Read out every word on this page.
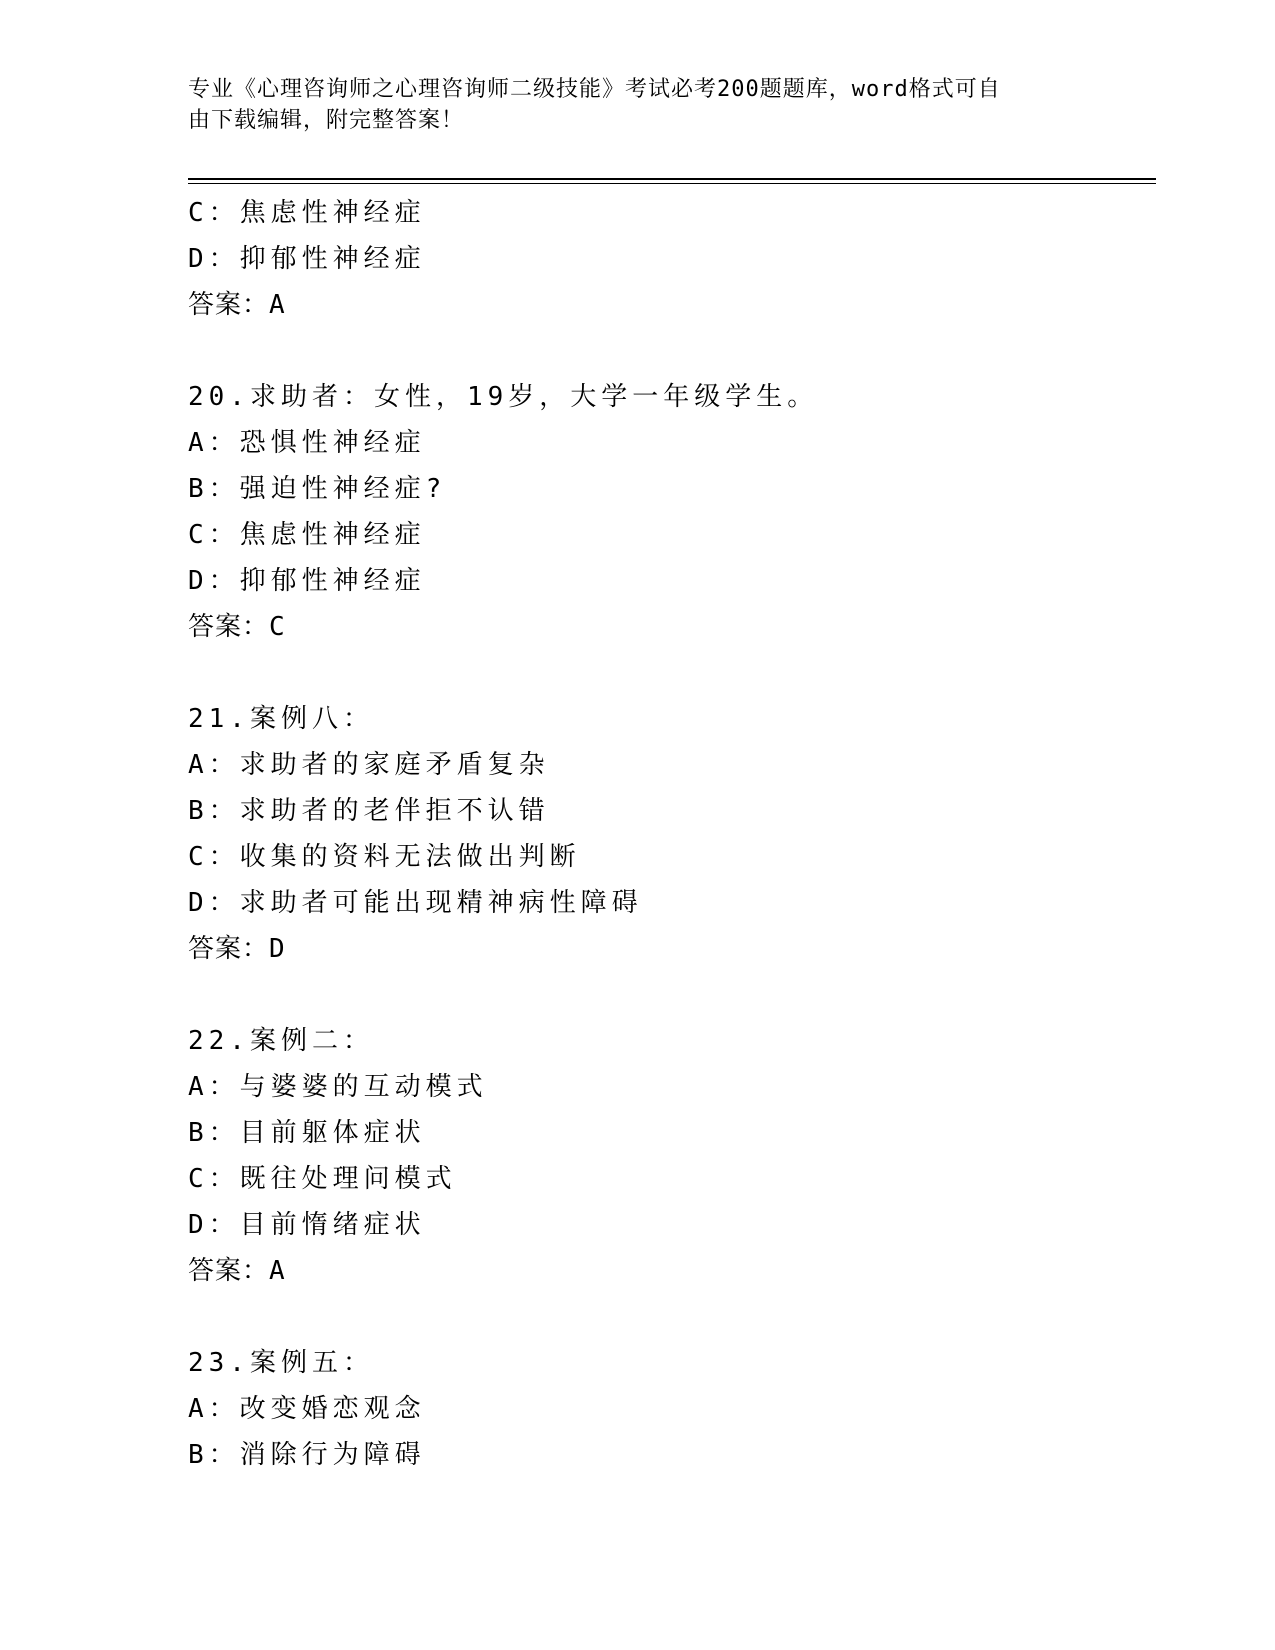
专业《心理咨询师之心理咨询师二级技能》考试必考200题题库，word格式可自
由下载编辑，附完整答案！
C：焦虑性神经症
D：抑郁性神经症
答案：A
20.求助者：女性，19岁，大学一年级学生。
A：恐惧性神经症
B：强迫性神经症?
C：焦虑性神经症
D：抑郁性神经症
答案：C
21.案例八：
A：求助者的家庭矛盾复杂
B：求助者的老伴拒不认错
C：收集的资料无法做出判断
D：求助者可能出现精神病性障碍
答案：D
22.案例二：
A：与婆婆的互动模式
B：目前躯体症状
C：既往处理问模式
D：目前惰绪症状
答案：A
23.案例五：
A：改变婚恋观念
B：消除行为障碍
